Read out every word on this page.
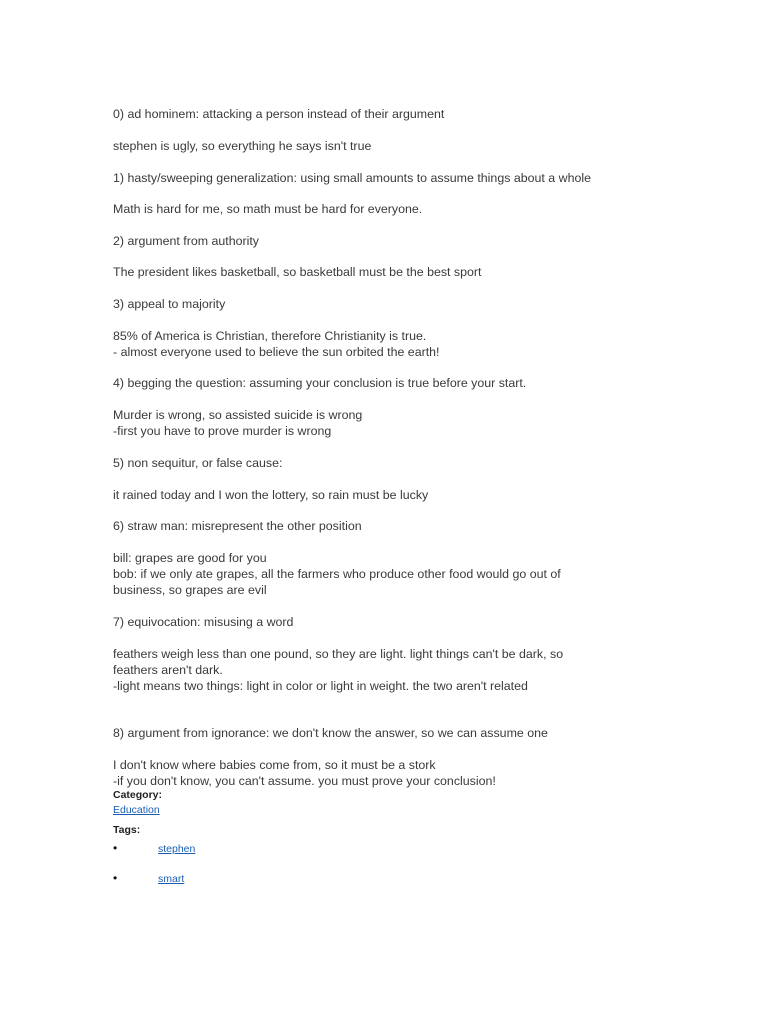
0) ad hominem: attacking a person instead of their argument
stephen is ugly, so everything he says isn't true
1) hasty/sweeping generalization: using small amounts to assume things about a whole
Math is hard for me, so math must be hard for everyone.
2) argument from authority
The president likes basketball, so basketball must be the best sport
3) appeal to majority
85% of America is Christian, therefore Christianity is true.
- almost everyone used to believe the sun orbited the earth!
4) begging the question: assuming your conclusion is true before your start.
Murder is wrong, so assisted suicide is wrong
-first you have to prove murder is wrong
5) non sequitur, or false cause:
it rained today and I won the lottery, so rain must be lucky
6) straw man: misrepresent the other position
bill: grapes are good for you
bob: if we only ate grapes, all the farmers who produce other food would go out of
business, so grapes are evil
7) equivocation: misusing a word
feathers weigh less than one pound, so they are light. light things can't be dark, so
feathers aren't dark.
-light means two things: light in color or light in weight. the two aren't related
8) argument from ignorance: we don't know the answer, so we can assume one
I don't know where babies come from, so it must be a stork
-if you don't know, you can't assume. you must prove your conclusion!
Category:
Education
Tags:
•	stephen
•	smart
